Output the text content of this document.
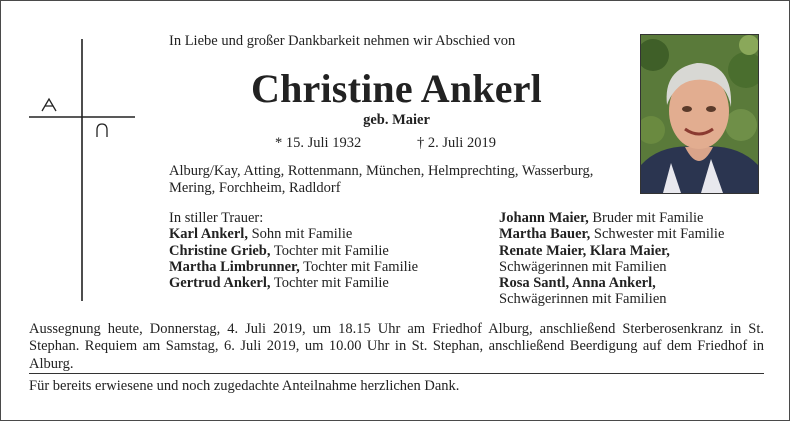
In Liebe und großer Dankbarkeit nehmen wir Abschied von
Christine Ankerl
geb. Maier
* 15. Juli 1932	† 2. Juli 2019
Alburg/Kay, Atting, Rottenmann, München, Helmprechting, Wasserburg, Mering, Forchheim, Radldorf
In stiller Trauer:
Karl Ankerl, Sohn mit Familie
Christine Grieb, Tochter mit Familie
Martha Limbrunner, Tochter mit Familie
Gertrud Ankerl, Tochter mit Familie
Johann Maier, Bruder mit Familie
Martha Bauer, Schwester mit Familie
Renate Maier, Klara Maier,
Schwägerinnen mit Familien
Rosa Santl, Anna Ankerl,
Schwägerinnen mit Familien
Aussegnung heute, Donnerstag, 4. Juli 2019, um 18.15 Uhr am Friedhof Alburg, anschließend Sterberosenkranz in St. Stephan. Requiem am Samstag, 6. Juli 2019, um 10.00 Uhr in St. Stephan, anschließend Beerdigung auf dem Friedhof in Alburg.
Für bereits erwiesene und noch zugedachte Anteilnahme herzlichen Dank.
